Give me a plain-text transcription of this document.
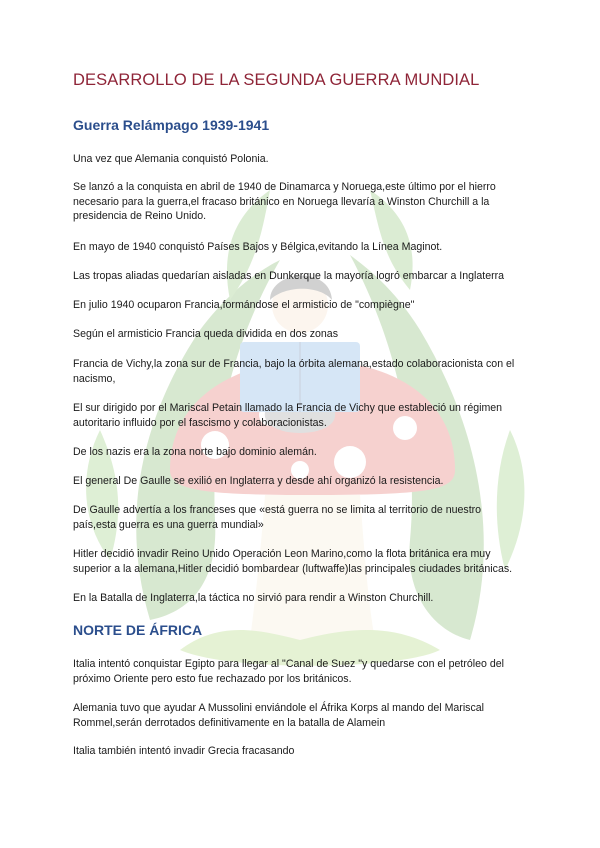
DESARROLLO DE LA SEGUNDA GUERRA MUNDIAL
Guerra Relámpago 1939-1941
Una vez que Alemania conquistó Polonia.
Se lanzó a la conquista en abril de 1940 de Dinamarca y Noruega,este último por el hierro necesario para la guerra,el fracaso británico en Noruega llevaría a Winston Churchill a la presidencia de Reino Unido.
En mayo de 1940 conquistó Países Bajos y Bélgica,evitando la Línea Maginot.
Las tropas aliadas quedarían aisladas en Dunkerque la mayoría logró embarcar a Inglaterra
En julio 1940 ocuparon Francia,formándose el armisticio de "compiègne"
Según el armisticio Francia queda dividida en dos zonas
Francia de Vichy,la zona sur de Francia, bajo la órbita alemana,estado colaboracionista con el nacismo,
El sur dirigido por el Mariscal Petain llamado la Francia de Vichy que estableció un régimen autoritario influido por el fascismo y colaboracionistas.
De los nazis era la zona norte bajo dominio alemán.
El general De Gaulle se exilió en Inglaterra y desde ahí organizó la resistencia.
De Gaulle advertía a los franceses que «está guerra no se limita al territorio de nuestro país,esta guerra es una guerra mundial»
Hitler decidió invadir Reino Unido Operación Leon Marino,como la flota británica era muy superior a la alemana,Hitler decidió bombardear (luftwaffe)las principales ciudades británicas.
En la Batalla de Inglaterra,la táctica no sirvió para rendir a Winston Churchill.
NORTE DE ÁFRICA
Italia intentó conquistar Egipto para llegar al "Canal de Suez "y quedarse con el petróleo del próximo Oriente pero esto fue rechazado por los británicos.
Alemania tuvo que ayudar A Mussolini enviándole el Áfrika Korps al mando del Mariscal Rommel,serán derrotados definitivamente en la batalla de Alamein
Italia también intentó invadir Grecia fracasando
